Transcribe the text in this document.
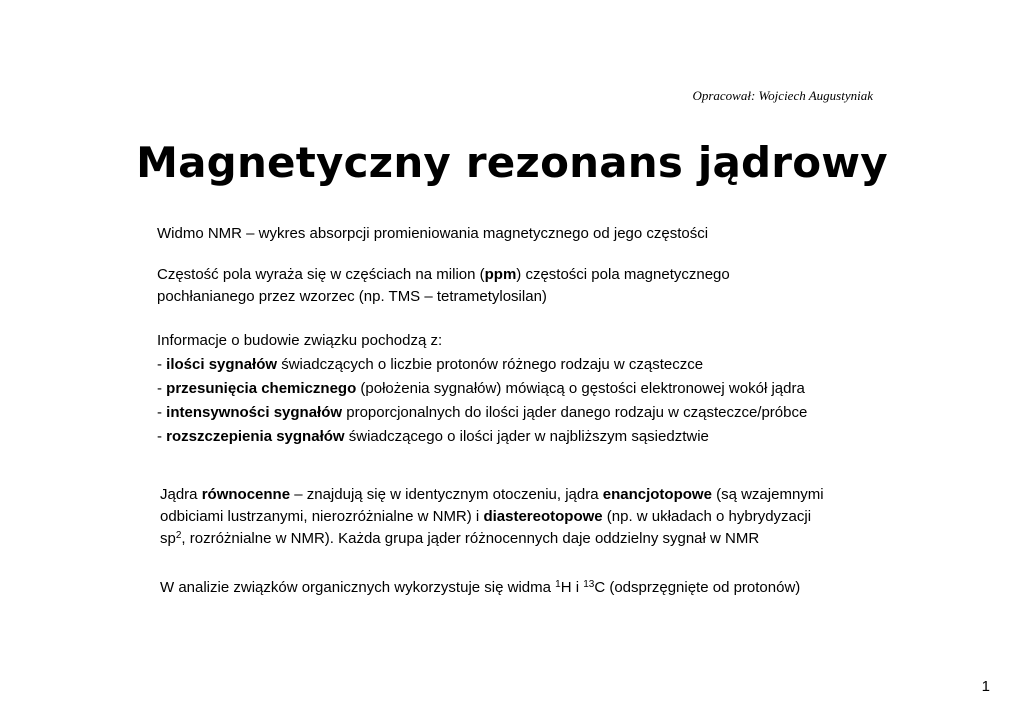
Opracował: Wojciech Augustyniak

Magnetyczny rezonans jądrowy

Widmo NMR – wykres absorpcji promieniowania magnetycznego od jego częstości

Częstość pola wyraża się w częściach na milion (ppm) częstości pola magnetycznego
pochłanianego przez wzorzec (np. TMS – tetrametylosilan)

Informacje o budowie związku pochodzą z:
- ilości sygnałów świadczących o liczbie protonów różnego rodzaju w cząsteczce
- przesunięcia chemicznego (położenia sygnałów) mówiącą o gęstości elektronowej wokół jądra
- intensywności sygnałów proporcjonalnych do ilości jąder danego rodzaju w cząsteczce/próbce
- rozszczepienia sygnałów świadczącego o ilości jąder w najbliższym sąsiedztwie

Jądra równocenne – znajdują się w identycznym otoczeniu, jądra enancjotopowe (są wzajemnymi
odbiciami lustrzanymi, nierozróżnialne w NMR) i diastereotopowe (np. w układach o hybrydyzacji
$sp^2$, rozróżnialne w NMR). Każda grupa jąder różnocennych daje oddzielny sygnał w NMR

W analizie związków organicznych wykorzystuje się widma $^1$H i $^{13}$C (odsprzęgnięte od protonów)

1
